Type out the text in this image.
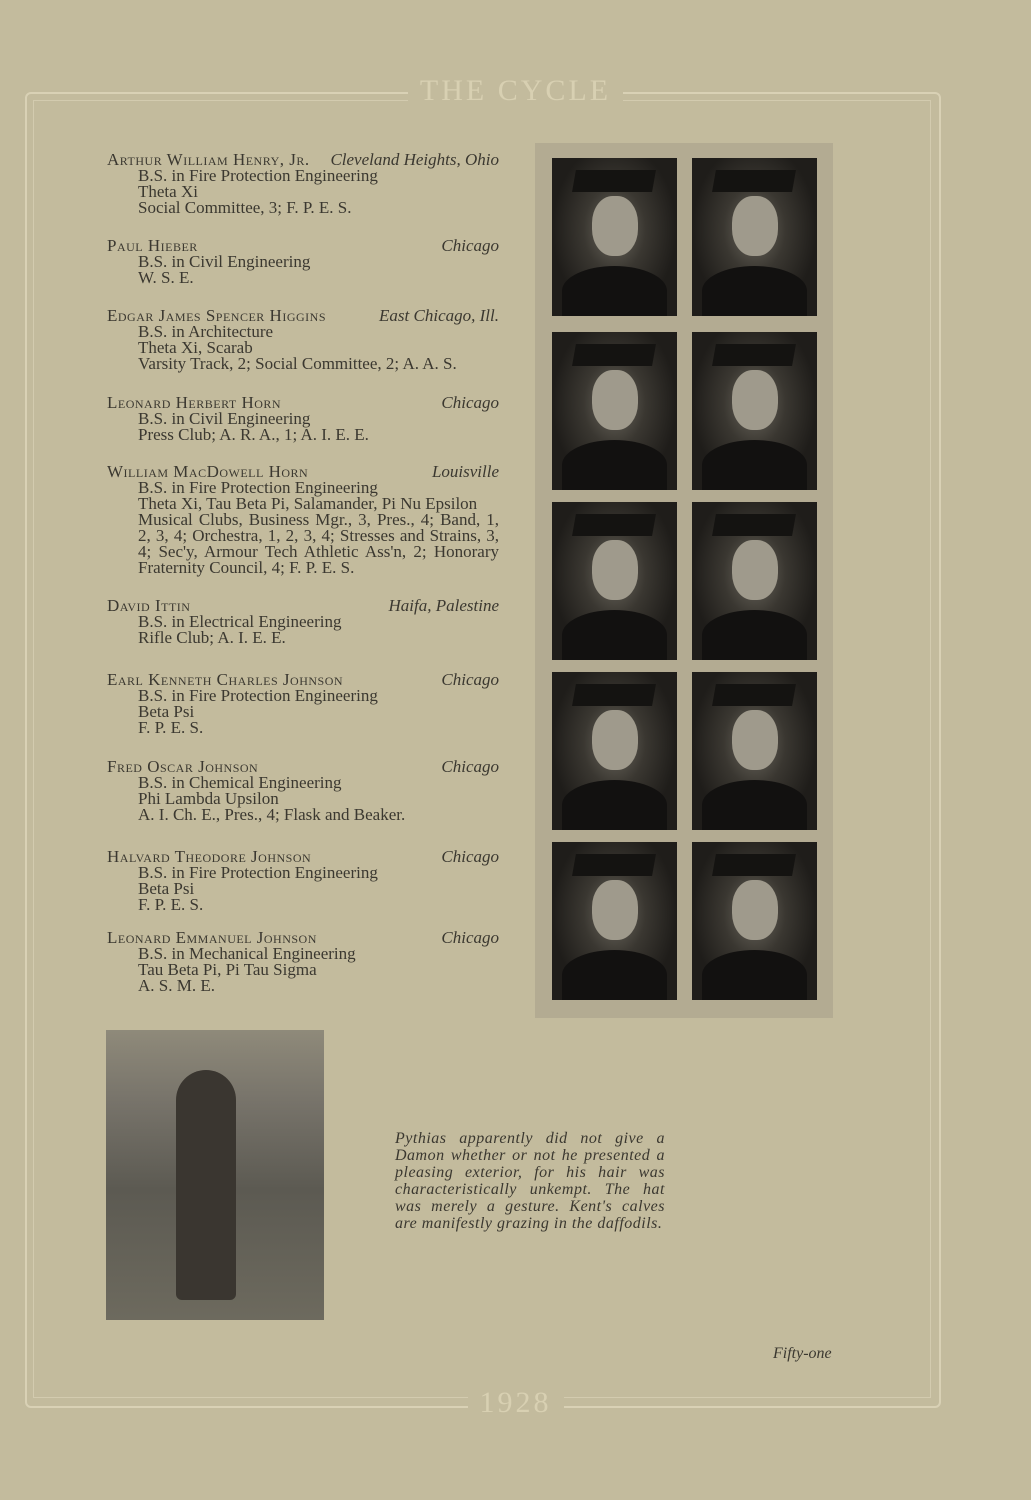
THE CYCLE
1928
Arthur William Henry, Jr. Cleveland Heights, Ohio
B.S. in Fire Protection Engineering
Theta Xi
Social Committee, 3; F. P. E. S.
Paul Hieber	Chicago
B.S. in Civil Engineering
W. S. E.
Edgar James Spencer Higgins	East Chicago, Ill.
B.S. in Architecture
Theta Xi, Scarab
Varsity Track, 2; Social Committee, 2; A. A. S.
Leonard Herbert Horn	Chicago
B.S. in Civil Engineering
Press Club; A. R. A., 1; A. I. E. E.
William MacDowell Horn	Louisville
B.S. in Fire Protection Engineering
Theta Xi, Tau Beta Pi, Salamander, Pi Nu Epsilon
Musical Clubs, Business Mgr., 3, Pres., 4; Band, 1, 2, 3, 4; Orchestra, 1, 2, 3, 4; Stresses and Strains, 3, 4; Sec'y, Armour Tech Athletic Ass'n, 2; Honorary Fraternity Council, 4; F. P. E. S.
David Ittin	Haifa, Palestine
B.S. in Electrical Engineering
Rifle Club; A. I. E. E.
Earl Kenneth Charles Johnson	Chicago
B.S. in Fire Protection Engineering
Beta Psi
F. P. E. S.
Fred Oscar Johnson	Chicago
B.S. in Chemical Engineering
Phi Lambda Upsilon
A. I. Ch. E., Pres., 4; Flask and Beaker.
Halvard Theodore Johnson	Chicago
B.S. in Fire Protection Engineering
Beta Psi
F. P. E. S.
Leonard Emmanuel Johnson	Chicago
B.S. in Mechanical Engineering
Tau Beta Pi, Pi Tau Sigma
A. S. M. E.
Pythias apparently did not give a Damon whether or not he presented a pleasing exterior, for his hair was characteristically unkempt. The hat was merely a gesture. Kent's calves are manifestly grazing in the daffodils.
Fifty-one
